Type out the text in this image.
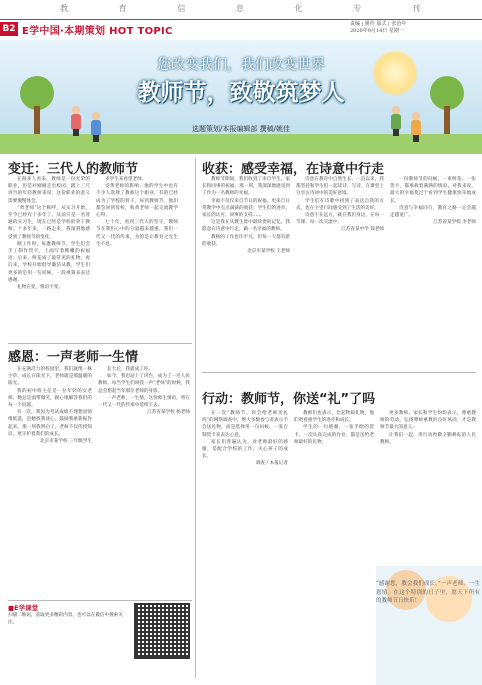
教	育	信	息	化	专	刊
B2 E学中国·本期策划 HOT TOPIC
责编 | 姚佳 版式 | 张治年
2020年9月14日 星期一
您改变我们，我们改变世界
教师节，致敬筑梦人
选题策划/本报编辑部 撰稿/姚佳
变迁：三代人的教师节

在很多人看来，教师是一份光荣的职业，但是对刚刚走出校园、踏上三尺讲台的年轻教师来说，这份职业的意义需要慢慢体会。

“黄老师”这个称呼，从实习开始，至今已经有十多年了。从前只是一名普通的实习生，现在已经是学校的骨干教师。十多年来，一路走来，我深刻地感受到了教师节的变化。

刚工作时，每逢教师节，学生们会手工制作贺卡，上面写着稚嫩的祝福语；后来，鲜花成了最常见的礼物；再后来，学校开始倡导廉洁从教，学生们更多的是用一句问候、一段视频来表达感谢。

礼物在变，情谊不变。

多学生来看望老师。

受黄老师的影响，他的学生中也有不少人选择了教师这个职业，有的已经成为了学校的骨干。每到教师节，他们都会回到母校，和黄老师一起交流教学心得。

七十年，看到三代人的坚守，教师节在我们心中的分量越来越重。我们一代又一代的传承，为的是让教育之光生生不息。

感恩：一声老师一生情

在充满活力的校园里，我们就像一株小草，成长在阳光下，老师就是那温暖的阳光。

我的初中班主任是一位年轻的女老师。她总是面带微笑，耐心地解答我们的每一个问题。

有一次，我因为考试成绩不理想而情绪低落，是她找我谈心，鼓励我重新振作起来。那一刻我明白了，老师不仅传授知识，更守护着我们的成长。

北京市某学校 三年级学生

长大后，我就成了你。

如今，我也站上了讲台，成为了一名人民教师。每当学生们叫我一声“老师”的时候，我总会想起当年那位老师的身影。

一声老师，一生情。这份师生情谊，将在一代又一代的传承中延续下去。

江苏省某学校 杨老师

■E学课堂
扫描二维码，获取更多精彩内容，也可以在微信中搜索关注。
收获：感受幸福，在诗意中行走

教师节期间，我们收到了来自学生、家长和同事的祝福。那一刻，我深深地感受到了作为一名教师的幸福。

幸福不仅仅来自节日的祝福，更来自日常教学中点点滴滴的收获：学生们的进步、家长的认可、同事的支持……

这是我在从教生涯中最珍贵的记忆。我愿意在诗意中行走，做一名幸福的教师。

教师的工作也许平凡，但每一天都有新的收获。

北京市某学校 王老师

诗意在教育中自然生长。一直以来，我都坚持和学生们一起读诗、写诗，在课堂上分享古诗词中的美好意境。

学生们在诗歌中找到了表达自我的方式，也在字里行间感受到了生活的美好。

诗意不在远方，就在我们身边，在每一节课、每一次交流中。

江苏省某中学 钱老师

一份教师节的问候、一束鲜花、一张贺卡，都承载着满满的情谊。对我来说，最大的幸福莫过于看到学生健康快乐地成长。

诗意与幸福同行，教育之路一定会越走越宽广。

江苏省某学校 李老师

行动：教师节，你送“礼”了吗

在一次“教师节，你会给老师送礼吗”的网络调查中，绝大多数参与者表示不会送礼物，而是选择用一句问候、一张自制贺卡来表达心意。

家长们普遍认为，对老师最好的感谢，是配合学校的工作，关心孩子的成长。

调查 / 本报记者

教师们也表示，比起物质礼物，他们更看重学生的进步和成长。

学生的一句感谢、一张手绘的贺卡、一次认真完成的作业，都是送给老师最好的礼物。

更多教师、家长和学生纷纷表示，尊重教师的劳动，弘扬尊师重教的良好风尚，才是教师节最大的意义。

让我们一起，用行动致敬辛勤耕耘的人民教师。

“感谢您，教会我们成长。”一声老师，一生恩情。在这个特别的日子里，愿天下所有的教师节日快乐！
